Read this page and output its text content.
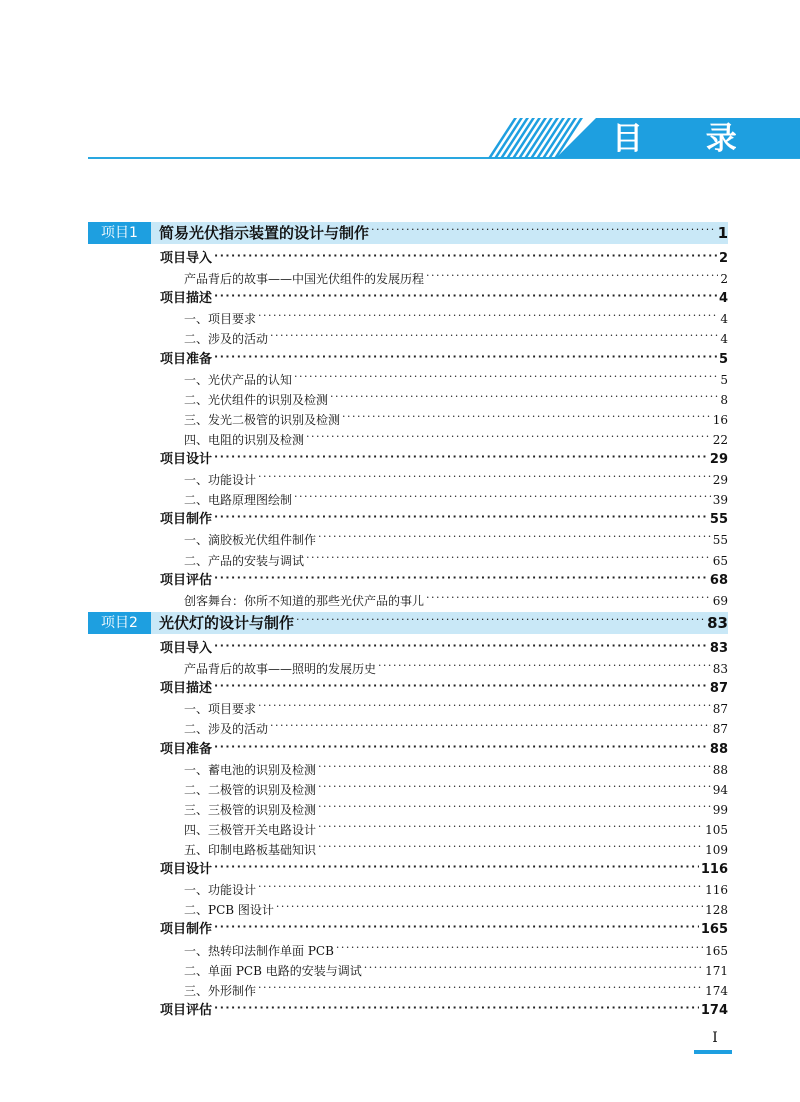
目 录
项目1	简易光伏指示装置的设计与制作 ·····	1
项目导入 ·····	2
产品背后的故事——中国光伏组件的发展历程 ·····	2
项目描述 ·····	4
一、项目要求 ·····	4
二、涉及的活动 ·····	4
项目准备 ·····	5
一、光伏产品的认知 ·····	5
二、光伏组件的识别及检测 ·····	8
三、发光二极管的识别及检测 ·····	16
四、电阻的识别及检测 ·····	22
项目设计 ·····	29
一、功能设计 ·····	29
二、电路原理图绘制 ·····	39
项目制作 ·····	55
一、滴胶板光伏组件制作 ·····	55
二、产品的安装与调试 ·····	65
项目评估 ·····	68
创客舞台：你所不知道的那些光伏产品的事儿 ·····	69
项目2	光伏灯的设计与制作 ·····	83
项目导入 ·····	83
产品背后的故事——照明的发展历史 ·····	83
项目描述 ·····	87
一、项目要求 ·····	87
二、涉及的活动 ·····	87
项目准备 ·····	88
一、蓄电池的识别及检测 ·····	88
二、二极管的识别及检测 ·····	94
三、三极管的识别及检测 ·····	99
四、三极管开关电路设计 ·····	105
五、印制电路板基础知识 ·····	109
项目设计 ·····	116
一、功能设计 ·····	116
二、PCB 图设计 ·····	128
项目制作 ·····	165
一、热转印法制作单面 PCB ·····	165
二、单面 PCB 电路的安装与调试 ·····	171
三、外形制作 ·····	174
项目评估 ·····	174
I
